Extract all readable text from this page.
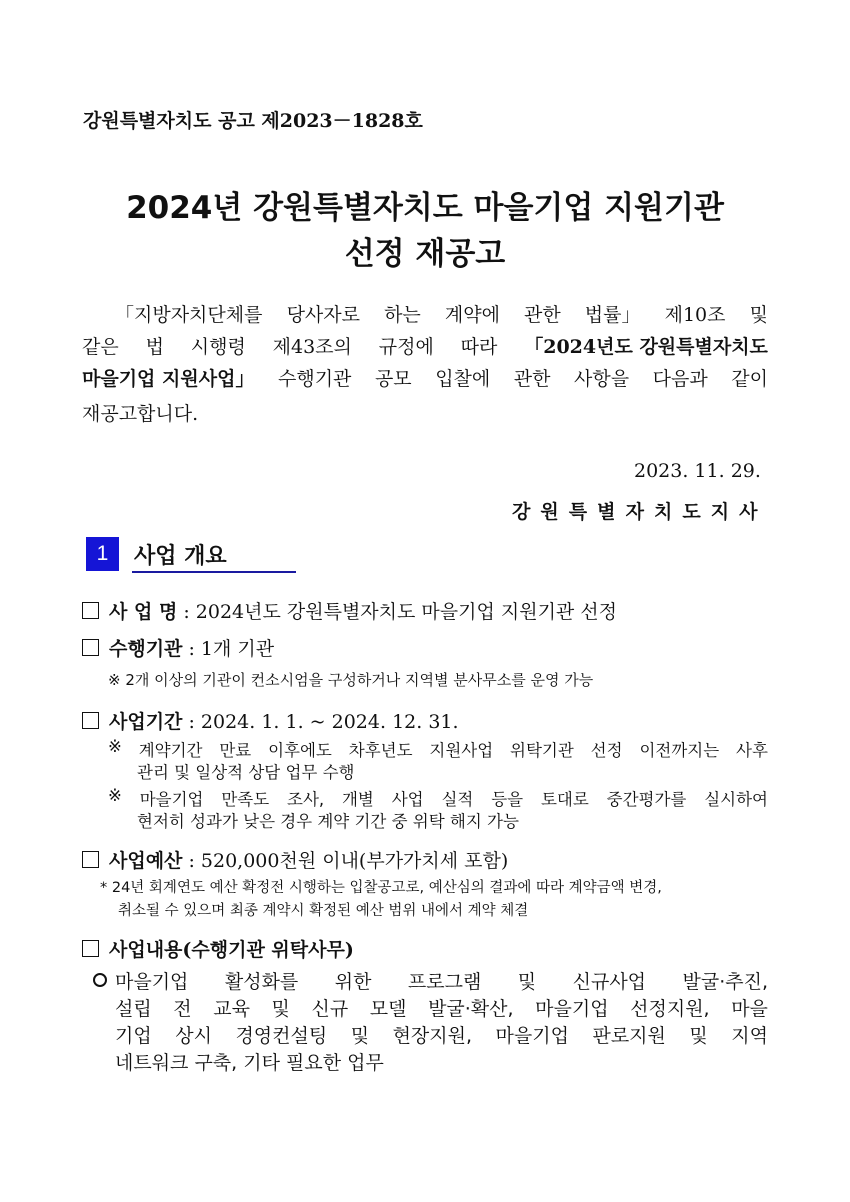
강원특별자치도 공고 제2023－1828호
2024년 강원특별자치도 마을기업 지원기관
선정 재공고
「지방자치단체를 당사자로 하는 계약에 관한 법률」 제10조 및
같은 법 시행령 제43조의 규정에 따라 「2024년도 강원특별자치도
마을기업 지원사업」 수행기관 공모 입찰에 관한 사항을 다음과 같이
재공고합니다.
2023. 11. 29.
강 원 특 별 자 치 도 지 사
1	사업 개요
사 업 명 : 2024년도 강원특별자치도 마을기업 지원기관 선정
수행기관 : 1개 기관
※ 2개 이상의 기관이 컨소시엄을 구성하거나 지역별 분사무소를 운영 가능
사업기간 : 2024. 1. 1. ~ 2024. 12. 31.
※ 계약기간 만료 이후에도 차후년도 지원사업 위탁기관 선정 이전까지는 사후
관리 및 일상적 상담 업무 수행
※ 마을기업 만족도 조사, 개별 사업 실적 등을 토대로 중간평가를 실시하여
현저히 성과가 낮은 경우 계약 기간 중 위탁 해지 가능
사업예산 : 520,000천원 이내(부가가치세 포함)
* 24년 회계연도 예산 확정전 시행하는 입찰공고로, 예산심의 결과에 따라 계약금액 변경,
취소될 수 있으며 최종 계약시 확정된 예산 범위 내에서 계약 체결
사업내용(수행기관 위탁사무)
마을기업 활성화를 위한 프로그램 및 신규사업 발굴‧추진,
설립 전 교육 및 신규 모델 발굴‧확산, 마을기업 선정지원, 마을
기업 상시 경영컨설팅 및 현장지원, 마을기업 판로지원 및 지역
네트워크 구축, 기타 필요한 업무
